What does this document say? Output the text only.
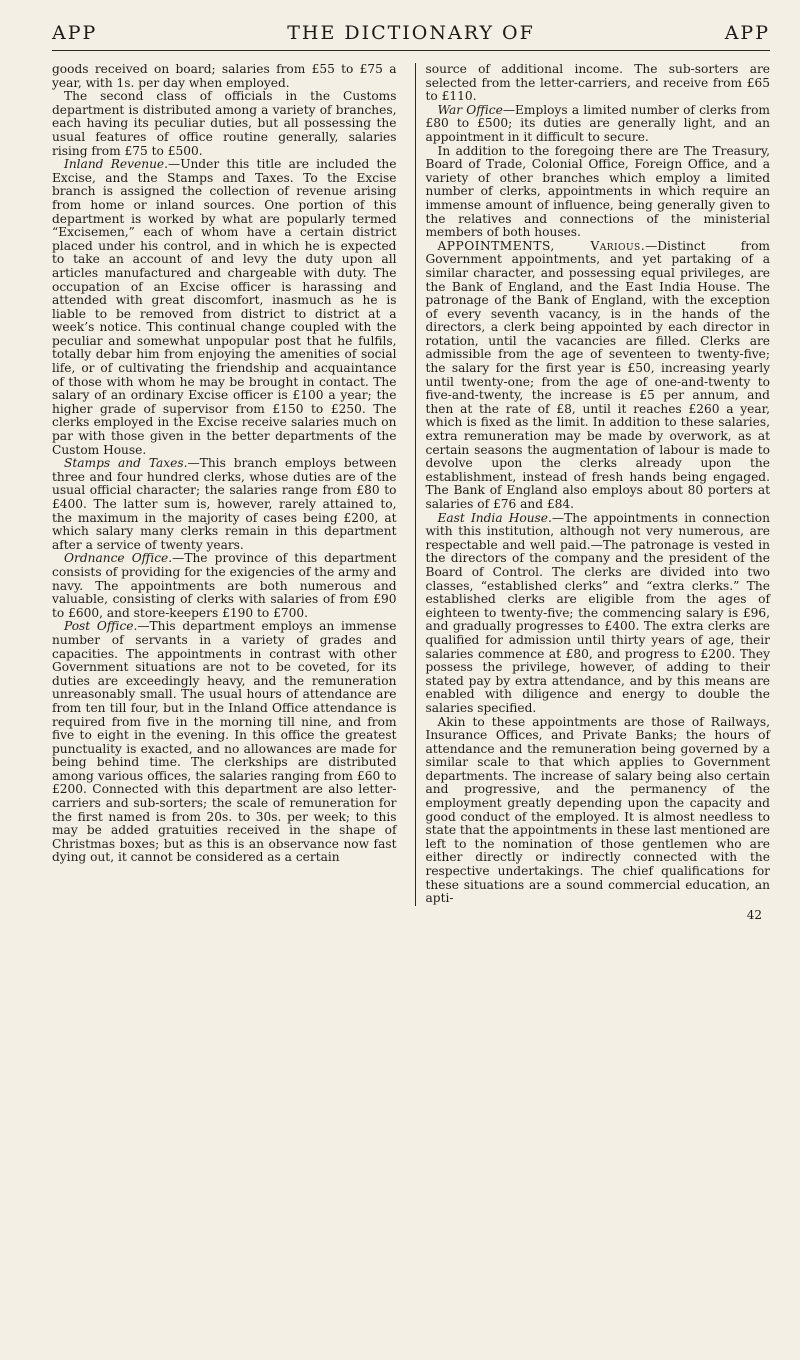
APP	THE DICTIONARY OF	APP

goods received on board; salaries from £55 to £75 a year, with 1s. per day when employed.

The second class of officials in the Customs department is distributed among a variety of branches, each having its peculiar duties, but all possessing the usual features of office routine generally, salaries rising from £75 to £500.

Inland Revenue.—Under this title are included the Excise, and the Stamps and Taxes. To the Excise branch is assigned the collection of revenue arising from home or inland sources. One portion of this department is worked by what are popularly termed “Excisemen,” each of whom have a certain district placed under his control, and in which he is expected to take an account of and levy the duty upon all articles manufactured and chargeable with duty. The occupation of an Excise officer is harassing and attended with great discomfort, inasmuch as he is liable to be removed from district to district at a week’s notice. This continual change coupled with the peculiar and somewhat unpopular post that he fulfils, totally debar him from enjoying the amenities of social life, or of cultivating the friendship and acquaintance of those with whom he may be brought in contact. The salary of an ordinary Excise officer is £100 a year; the higher grade of supervisor from £150 to £250. The clerks employed in the Excise receive salaries much on par with those given in the better departments of the Custom House.

Stamps and Taxes.—This branch employs between three and four hundred clerks, whose duties are of the usual official character; the salaries range from £80 to £400. The latter sum is, however, rarely attained to, the maximum in the majority of cases being £200, at which salary many clerks remain in this department after a service of twenty years.

Ordnance Office.—The province of this department consists of providing for the exigencies of the army and navy. The appointments are both numerous and valuable, consisting of clerks with salaries of from £90 to £600, and store-keepers £190 to £700.

Post Office.—This department employs an immense number of servants in a variety of grades and capacities. The appointments in contrast with other Government situations are not to be coveted, for its duties are exceedingly heavy, and the remuneration unreasonably small. The usual hours of attendance are from ten till four, but in the Inland Office attendance is required from five in the morning till nine, and from five to eight in the evening. In this office the greatest punctuality is exacted, and no allowances are made for being behind time. The clerkships are distributed among various offices, the salaries ranging from £60 to £200. Connected with this department are also letter-carriers and sub-sorters; the scale of remuneration for the first named is from 20s. to 30s. per week; to this may be added gratuities received in the shape of Christmas boxes; but as this is an observance now fast dying out, it cannot be considered as a certain

source of additional income. The sub-sorters are selected from the letter-carriers, and receive from £65 to £110.

War Office—Employs a limited number of clerks from £80 to £500; its duties are generally light, and an appointment in it difficult to secure.

In addition to the foregoing there are The Treasury, Board of Trade, Colonial Office, Foreign Office, and a variety of other branches which employ a limited number of clerks, appointments in which require an immense amount of influence, being generally given to the relatives and connections of the ministerial members of both houses.

APPOINTMENTS, Various.—Distinct from Government appointments, and yet partaking of a similar character, and possessing equal privileges, are the Bank of England, and the East India House. The patronage of the Bank of England, with the exception of every seventh vacancy, is in the hands of the directors, a clerk being appointed by each director in rotation, until the vacancies are filled. Clerks are admissible from the age of seventeen to twenty-five; the salary for the first year is £50, increasing yearly until twenty-one; from the age of one-and-twenty to five-and-twenty, the increase is £5 per annum, and then at the rate of £8, until it reaches £260 a year, which is fixed as the limit. In addition to these salaries, extra remuneration may be made by overwork, as at certain seasons the augmentation of labour is made to devolve upon the clerks already upon the establishment, instead of fresh hands being engaged. The Bank of England also employs about 80 porters at salaries of £76 and £84.

East India House.—The appointments in connection with this institution, although not very numerous, are respectable and well paid.—The patronage is vested in the directors of the company and the president of the Board of Control. The clerks are divided into two classes, “established clerks” and “extra clerks.” The established clerks are eligible from the ages of eighteen to twenty-five; the commencing salary is £96, and gradually progresses to £400. The extra clerks are qualified for admission until thirty years of age, their salaries commence at £80, and progress to £200. They possess the privilege, however, of adding to their stated pay by extra attendance, and by this means are enabled with diligence and energy to double the salaries specified.

Akin to these appointments are those of Railways, Insurance Offices, and Private Banks; the hours of attendance and the remuneration being governed by a similar scale to that which applies to Government departments. The increase of salary being also certain and progressive, and the permanency of the employment greatly depending upon the capacity and good conduct of the employed. It is almost needless to state that the appointments in these last mentioned are left to the nomination of those gentlemen who are either directly or indirectly connected with the respective undertakings. The chief qualifications for these situations are a sound commercial education, an apti-

42
